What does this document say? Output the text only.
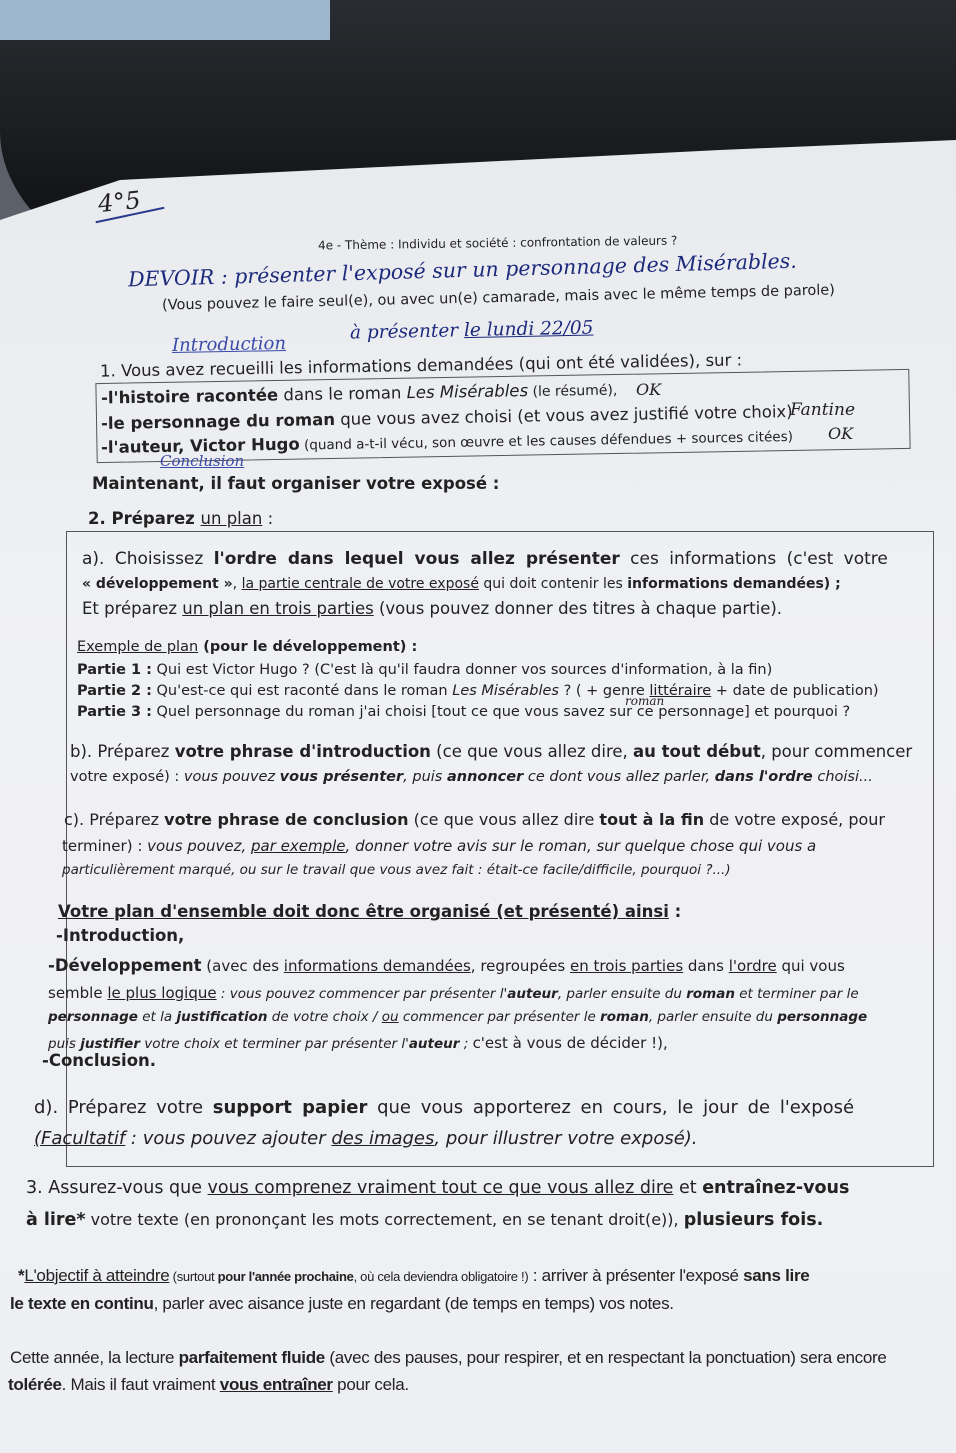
4°5
4e - Thème : Individu et société : confrontation de valeurs ?
DEVOIR : présenter l'exposé sur un personnage des Misérables.
(Vous pouvez le faire seul(e), ou avec un(e) camarade, mais avec le même temps de parole)
à présenter le lundi 22/05
Introduction
1. Vous avez recueilli les informations demandées (qui ont été validées), sur :
-l'histoire racontée dans le roman Les Misérables (le résumé), OK
-le personnage du roman que vous avez choisi (et vous avez justifié votre choix)
Fantine
-l'auteur, Victor Hugo (quand a-t-il vécu, son œuvre et les causes défendues + sources citées) OK
Conclusion
Maintenant, il faut organiser votre exposé :
2. Préparez un plan :
a). Choisissez l'ordre dans lequel vous allez présenter ces informations (c'est votre
« développement », la partie centrale de votre exposé qui doit contenir les informations demandées) ;
Et préparez un plan en trois parties (vous pouvez donner des titres à chaque partie).
Exemple de plan (pour le développement) :
Partie 1 : Qui est Victor Hugo ? (C'est là qu'il faudra donner vos sources d'information, à la fin)
Partie 2 : Qu'est-ce qui est raconté dans le roman Les Misérables ? ( + genre littéraire + date de publication)
roman
Partie 3 : Quel personnage du roman j'ai choisi [tout ce que vous savez sur ce personnage] et pourquoi ?
b). Préparez votre phrase d'introduction (ce que vous allez dire, au tout début, pour commencer
votre exposé) : vous pouvez vous présenter, puis annoncer ce dont vous allez parler, dans l'ordre choisi...
c). Préparez votre phrase de conclusion (ce que vous allez dire tout à la fin de votre exposé, pour
terminer) : vous pouvez, par exemple, donner votre avis sur le roman, sur quelque chose qui vous a
particulièrement marqué, ou sur le travail que vous avez fait : était-ce facile/difficile, pourquoi ?...)
Votre plan d'ensemble doit donc être organisé (et présenté) ainsi :
-Introduction,
-Développement (avec des informations demandées, regroupées en trois parties dans l'ordre qui vous
semble le plus logique : vous pouvez commencer par présenter l'auteur, parler ensuite du roman et terminer par le
personnage et la justification de votre choix / ou commencer par présenter le roman, parler ensuite du personnage
puis justifier votre choix et terminer par présenter l'auteur ; c'est à vous de décider !),
-Conclusion.
d). Préparez votre support papier que vous apporterez en cours, le jour de l'exposé
(Facultatif : vous pouvez ajouter des images, pour illustrer votre exposé).
3. Assurez-vous que vous comprenez vraiment tout ce que vous allez dire et entraînez-vous
à lire* votre texte (en prononçant les mots correctement, en se tenant droit(e)), plusieurs fois.
*L'objectif à atteindre (surtout pour l'année prochaine, où cela deviendra obligatoire !) : arriver à présenter l'exposé sans lire
le texte en continu, parler avec aisance juste en regardant (de temps en temps) vos notes.
Cette année, la lecture parfaitement fluide (avec des pauses, pour respirer, et en respectant la ponctuation) sera encore
tolérée. Mais il faut vraiment vous entraîner pour cela.
